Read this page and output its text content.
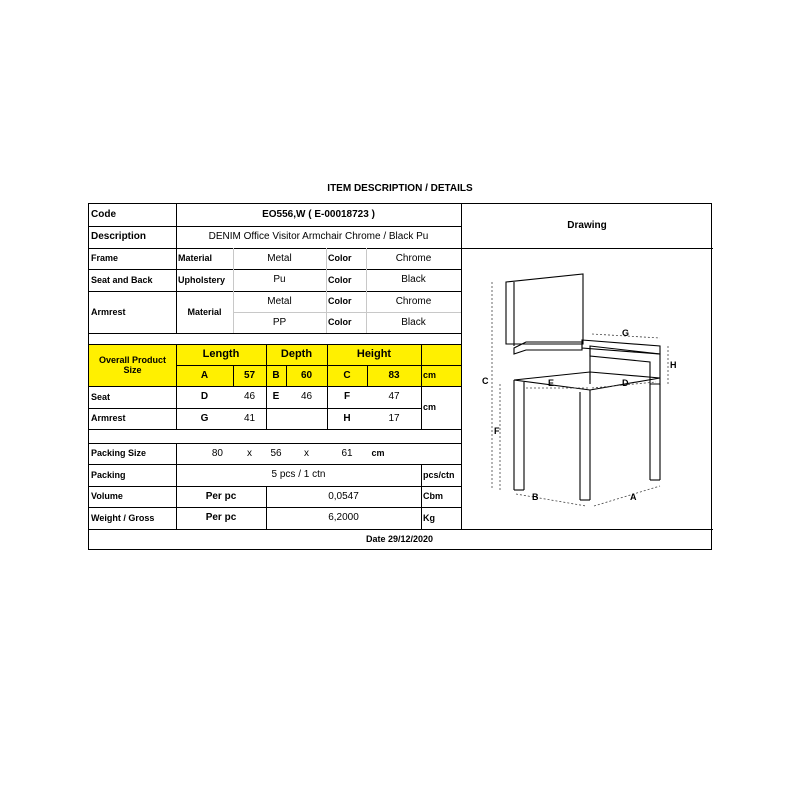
ITEM DESCRIPTION / DETAILS
Code	EO556,W ( E-00018723 )
Description	DENIM Office Visitor Armchair Chrome / Black Pu
Drawing
Frame	Material	Metal	Color	Chrome
Seat and Back	Upholstery	Pu	Color	Black
Armrest	Material
Metal	Color	Chrome
PP	Color	Black
Overall Product Size
Length	Depth	Height
A	57	B	60	C	83	cm
Seat	D	46	E	46	F	47
Armrest	G	41	H	17
cm
Packing Size	80	x	56	x	61	cm
Packing	5 pcs / 1 ctn	pcs/ctn
Volume	Per pc	0,0547	Cbm
Weight / Gross	Per pc	6,2000	Kg
Date 29/12/2020
C
F
E	D
G
H
B	A
